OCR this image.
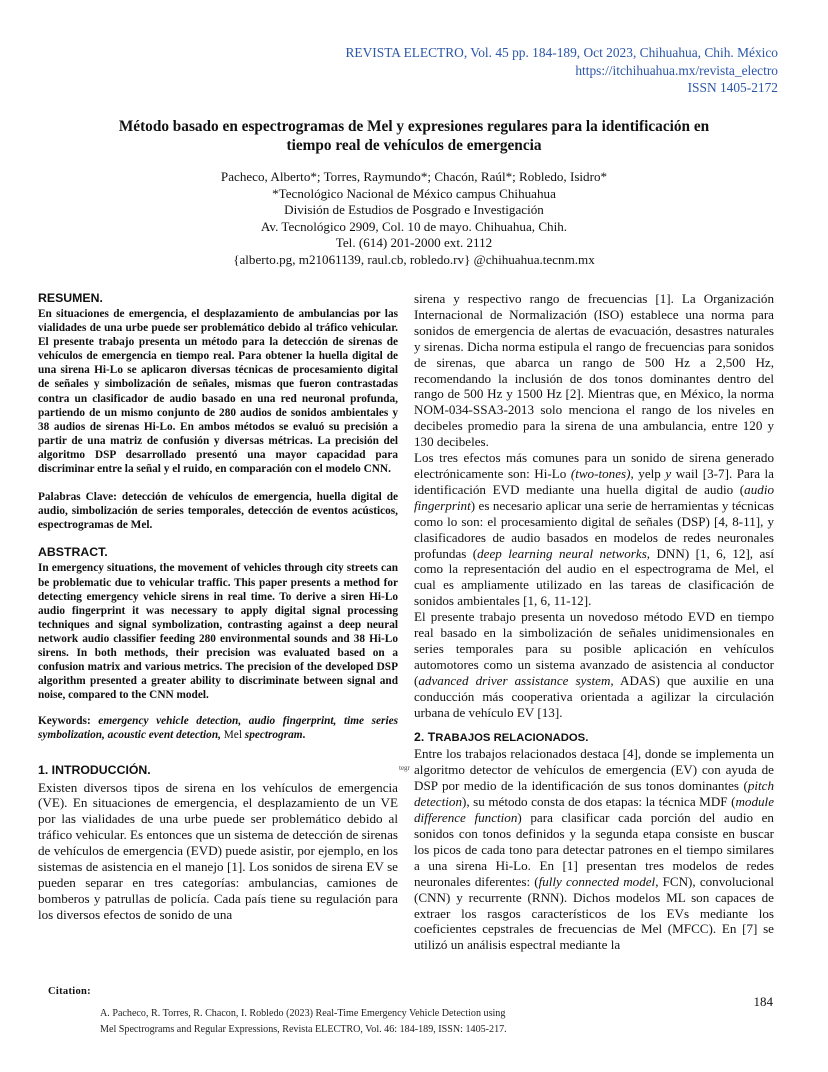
REVISTA ELECTRO, Vol. 45 pp. 184-189, Oct 2023, Chihuahua, Chih. México
https://itchihuahua.mx/revista_electro
ISSN 1405-2172
Método basado en espectrogramas de Mel y expresiones regulares para la identificación en
tiempo real de vehículos de emergencia
Pacheco, Alberto*; Torres, Raymundo*; Chacón, Raúl*; Robledo, Isidro*
*Tecnológico Nacional de México campus Chihuahua
División de Estudios de Posgrado e Investigación
Av. Tecnológico 2909, Col. 10 de mayo. Chihuahua, Chih.
Tel. (614) 201-2000 ext. 2112
{alberto.pg, m21061139, raul.cb, robledo.rv} @chihuahua.tecnm.mx

RESUMEN.

En situaciones de emergencia, el desplazamiento de ambulancias por las vialidades de una urbe puede ser problemático debido al tráfico vehicular. El presente trabajo presenta un método para la detección de sirenas de vehículos de emergencia en tiempo real. Para obtener la huella digital de una sirena Hi-Lo se aplicaron diversas técnicas de procesamiento digital de señales y simbolización de señales, mismas que fueron contrastadas contra un clasificador de audio basado en una red neuronal profunda, partiendo de un mismo conjunto de 280 audios de sonidos ambientales y 38 audios de sirenas Hi-Lo. En ambos métodos se evaluó su precisión a partir de una matriz de confusión y diversas métricas. La precisión del algoritmo DSP desarrollado presentó una mayor capacidad para discriminar entre la señal y el ruido, en comparación con el modelo CNN.

Palabras Clave: detección de vehículos de emergencia, huella digital de audio, simbolización de series temporales, detección de eventos acústicos, espectrogramas de Mel.

ABSTRACT.

In emergency situations, the movement of vehicles through city streets can be problematic due to vehicular traffic. This paper presents a method for detecting emergency vehicle sirens in real time. To derive a siren Hi-Lo audio fingerprint it was necessary to apply digital signal processing techniques and signal symbolization, contrasting against a deep neural network audio classifier feeding 280 environmental sounds and 38 Hi-Lo sirens. In both methods, their precision was evaluated based on a confusion matrix and various metrics. The precision of the developed DSP algorithm presented a greater ability to discriminate between signal and noise, compared to the CNN model.

Keywords: emergency vehicle detection, audio fingerprint, time series symbolization, acoustic event detection, Mel spectrogram.

1. INTRODUCCIÓN.

Existen diversos tipos de sirena en los vehículos de emergencia (VE). En situaciones de emergencia, el desplazamiento de un VE por las vialidades de una urbe puede ser problemático debido al tráfico vehicular. Es entonces que un sistema de detección de sirenas de vehículos de emergencia (EVD) puede asistir, por ejemplo, en los sistemas de asistencia en el manejo [1]. Los sonidos de sirena EV se pueden separar en tres categorías: ambulancias, camiones de bomberos y patrullas de policía. Cada país tiene su regulación para los diversos efectos de sonido de una

sirena y respectivo rango de frecuencias [1]. La Organización Internacional de Normalización (ISO) establece una norma para sonidos de emergencia de alertas de evacuación, desastres naturales y sirenas. Dicha norma estipula el rango de frecuencias para sonidos de sirenas, que abarca un rango de 500 Hz a 2,500 Hz, recomendando la inclusión de dos tonos dominantes dentro del rango de 500 Hz y 1500 Hz [2]. Mientras que, en México, la norma NOM-034-SSA3-2013 solo menciona el rango de los niveles en decibeles promedio para la sirena de una ambulancia, entre 120 y 130 decibeles.

Los tres efectos más comunes para un sonido de sirena generado electrónicamente son: Hi-Lo (two-tones), yelp y wail [3-7]. Para la identificación EVD mediante una huella digital de audio (audio fingerprint) es necesario aplicar una serie de herramientas y técnicas como lo son: el procesamiento digital de señales (DSP) [4, 8-11], y clasificadores de audio basados en modelos de redes neuronales profundas (deep learning neural networks, DNN) [1, 6, 12], así como la representación del audio en el espectrograma de Mel, el cual es ampliamente utilizado en las tareas de clasificación de sonidos ambientales [1, 6, 11-12].

El presente trabajo presenta un novedoso método EVD en tiempo real basado en la simbolización de señales unidimensionales en series temporales para su posible aplicación en vehículos automotores como un sistema avanzado de asistencia al conductor (advanced driver assistance system, ADAS) que auxilie en una conducción más cooperativa orientada a agilizar la circulación urbana de vehículo EV [13].

2. TRABAJOS RELACIONADOS.

Entre los trabajos relacionados destaca [4], donde se implementa un algoritmo detector de vehículos de emergencia (EV) con ayuda de DSP por medio de la identificación de sus tonos dominantes (pitch detection), su método consta de dos etapas: la técnica MDF (module difference function) para clasificar cada porción del audio en sonidos con tonos definidos y la segunda etapa consiste en buscar los picos de cada tono para detectar patrones en el tiempo similares a una sirena Hi-Lo. En [1] presentan tres modelos de redes neuronales diferentes: (fully connected model, FCN), convolucional (CNN) y recurrente (RNN). Dichos modelos ML son capaces de extraer los rasgos característicos de los EVs mediante los coeficientes cepstrales de frecuencias de Mel (MFCC). En [7] se utilizó un análisis espectral mediante la

tegr
Citation:
A. Pacheco, R. Torres, R. Chacon, I. Robledo (2023) Real-Time Emergency Vehicle Detection using
Mel Spectrograms and Regular Expressions, Revista ELECTRO, Vol. 46: 184-189, ISSN: 1405-217.
184
